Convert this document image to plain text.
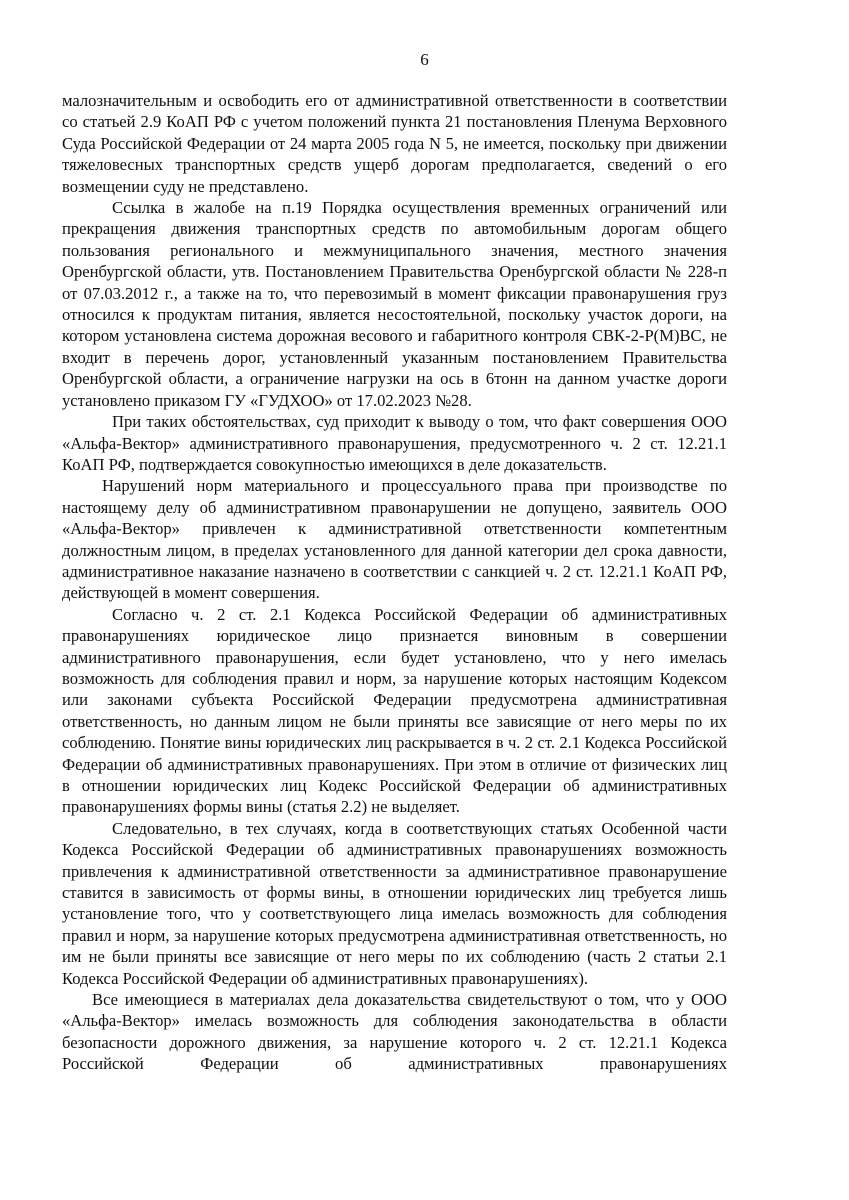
6

малозначительным и освободить его от административной ответственности в соответствии со статьей 2.9 КоАП РФ с учетом положений пункта 21 постановления Пленума Верховного Суда Российской Федерации от 24 марта 2005 года N 5, не имеется, поскольку при движении тяжеловесных транспортных средств ущерб дорогам предполагается, сведений о его возмещении суду не представлено.

Ссылка в жалобе на п.19 Порядка осуществления временных ограничений или прекращения движения транспортных средств по автомобильным дорогам общего пользования регионального и межмуниципального значения, местного значения Оренбургской области, утв. Постановлением Правительства Оренбургской области № 228-п от 07.03.2012 г., а также на то, что перевозимый в момент фиксации правонарушения груз относился к продуктам питания, является несостоятельной, поскольку участок дороги, на котором установлена система дорожная весового и габаритного контроля СВК-2-Р(М)ВС, не входит в перечень дорог, установленный указанным постановлением Правительства Оренбургской области, а ограничение нагрузки на ось в 6тонн на данном участке дороги установлено приказом ГУ «ГУДХОО» от 17.02.2023 №28.

При таких обстоятельствах, суд приходит к выводу о том, что факт совершения ООО «Альфа-Вектор» административного правонарушения, предусмотренного ч. 2 ст. 12.21.1 КоАП РФ, подтверждается совокупностью имеющихся в деле доказательств.

Нарушений норм материального и процессуального права при производстве по настоящему делу об административном правонарушении не допущено, заявитель ООО «Альфа-Вектор» привлечен к административной ответственности компетентным должностным лицом, в пределах установленного для данной категории дел срока давности, административное наказание назначено в соответствии с санкцией ч. 2 ст. 12.21.1 КоАП РФ, действующей в момент совершения.

Согласно ч. 2 ст. 2.1 Кодекса Российской Федерации об административных правонарушениях юридическое лицо признается виновным в совершении административного правонарушения, если будет установлено, что у него имелась возможность для соблюдения правил и норм, за нарушение которых настоящим Кодексом или законами субъекта Российской Федерации предусмотрена административная ответственность, но данным лицом не были приняты все зависящие от него меры по их соблюдению. Понятие вины юридических лиц раскрывается в ч. 2 ст. 2.1 Кодекса Российской Федерации об административных правонарушениях. При этом в отличие от физических лиц в отношении юридических лиц Кодекс Российской Федерации об административных правонарушениях формы вины (статья 2.2) не выделяет.

Следовательно, в тех случаях, когда в соответствующих статьях Особенной части Кодекса Российской Федерации об административных правонарушениях возможность привлечения к административной ответственности за административное правонарушение ставится в зависимость от формы вины, в отношении юридических лиц требуется лишь установление того, что у соответствующего лица имелась возможность для соблюдения правил и норм, за нарушение которых предусмотрена административная ответственность, но им не были приняты все зависящие от него меры по их соблюдению (часть 2 статьи 2.1 Кодекса Российской Федерации об административных правонарушениях).

Все имеющиеся в материалах дела доказательства свидетельствуют о том, что у ООО «Альфа-Вектор» имелась возможность для соблюдения законодательства в области безопасности дорожного движения, за нарушение которого ч. 2 ст. 12.21.1 Кодекса Российской Федерации об административных правонарушениях
